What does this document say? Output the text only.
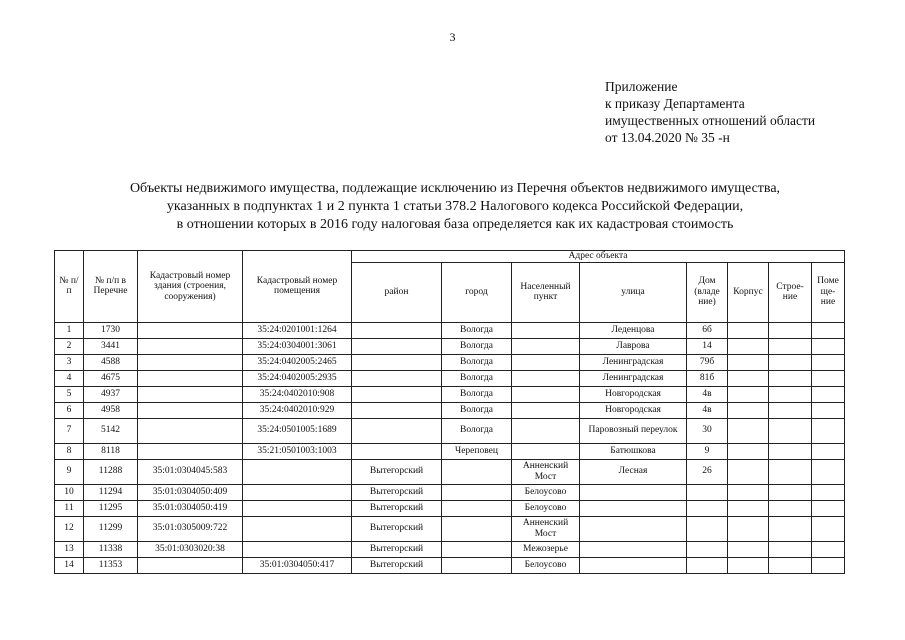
3
Приложение
к приказу Департамента
имущественных отношений области
от 13.04.2020 № 35 -н
Объекты недвижимого имущества, подлежащие исключению из Перечня объектов недвижимого имущества,
указанных в подпунктах 1 и 2 пункта 1 статьи 378.2 Налогового кодекса Российской Федерации,
в отношении которых в 2016 году налоговая база определяется как их кадастровая стоимость
№ п/п	№ п/п в Перечне	Кадастровый номер здания (строения, сооружения)	Кадастровый номер помещения	Адрес объекта							
				район	город	Населенный пункт	улица	Дом (владе ние)	Корпус	Строе- ние	Поме ще- ние
1	1730		35:24:0201001:1264		Вологда		Леденцова	6б			
2	3441		35:24:0304001:3061		Вологда		Лаврова	14			
3	4588		35:24:0402005:2465		Вологда		Ленинградская	79б			
4	4675		35:24:0402005:2935		Вологда		Ленинградская	81б			
5	4937		35:24:0402010:908		Вологда		Новгородская	4в			
6	4958		35:24:0402010:929		Вологда		Новгородская	4в			
7	5142		35:24:0501005:1689		Вологда		Паровозный переулок	30			
8	8118		35:21:0501003:1003		Череповец		Батюшкова	9			
9	11288	35:01:0304045:583		Вытегорский		Анненский Мост	Лесная	26			
10	11294	35:01:0304050:409		Вытегорский		Белоусово					
11	11295	35:01:0304050:419		Вытегорский		Белоусово					
12	11299	35:01:0305009:722		Вытегорский		Анненский Мост					
13	11338	35:01:0303020:38		Вытегорский		Межозерье					
14	11353		35:01:0304050:417	Вытегорский		Белоусово					
